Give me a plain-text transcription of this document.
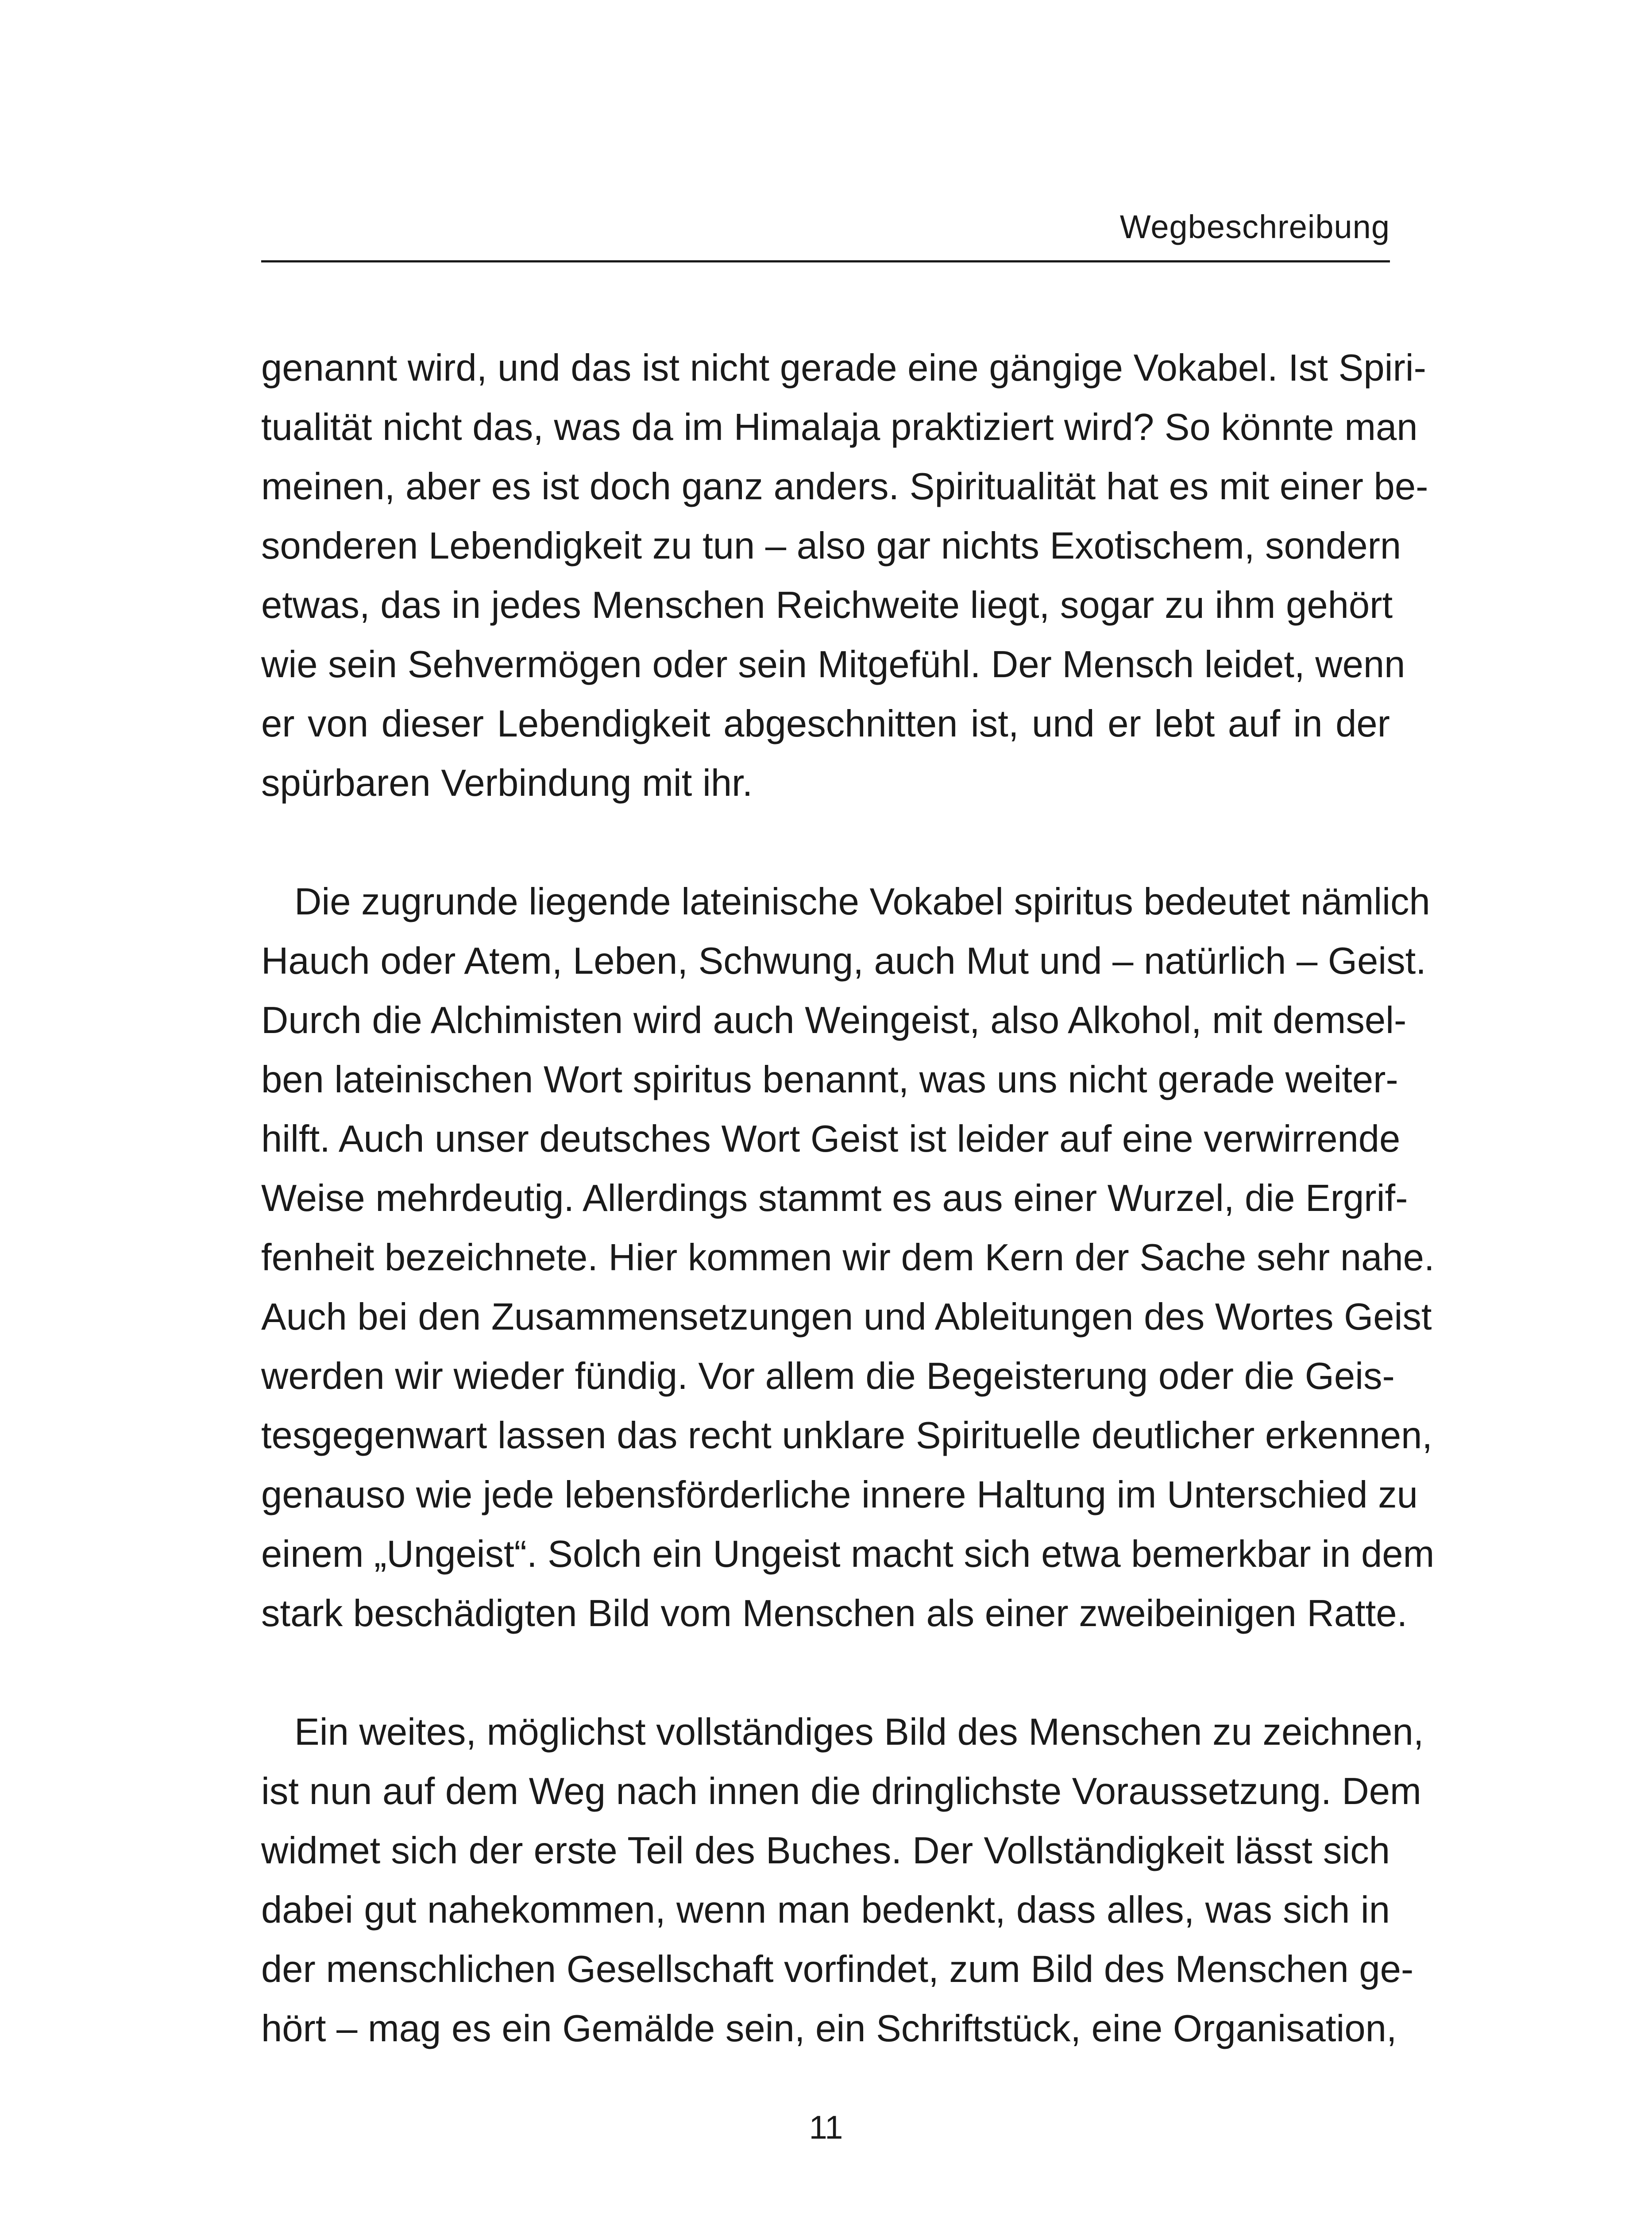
Wegbeschreibung
genannt wird, und das ist nicht gerade eine gängige Vokabel. Ist Spiri-
tualität nicht das, was da im Himalaja praktiziert wird? So könnte man
meinen, aber es ist doch ganz anders. Spiritualität hat es mit einer be-
sonderen Lebendigkeit zu tun – also gar nichts Exotischem, sondern
etwas, das in jedes Menschen Reichweite liegt, sogar zu ihm gehört
wie sein Sehvermögen oder sein Mitgefühl. Der Mensch leidet, wenn
er von dieser Lebendigkeit abgeschnitten ist, und er lebt auf in der
spürbaren Verbindung mit ihr.
Die zugrunde liegende lateinische Vokabel spiritus bedeutet nämlich
Hauch oder Atem, Leben, Schwung, auch Mut und – natürlich – Geist.
Durch die Alchimisten wird auch Weingeist, also Alkohol, mit demsel-
ben lateinischen Wort spiritus benannt, was uns nicht gerade weiter-
hilft. Auch unser deutsches Wort Geist ist leider auf eine verwirrende
Weise mehrdeutig. Allerdings stammt es aus einer Wurzel, die Ergrif-
fenheit bezeichnete. Hier kommen wir dem Kern der Sache sehr nahe.
Auch bei den Zusammensetzungen und Ableitungen des Wortes Geist
werden wir wieder fündig. Vor allem die Begeisterung oder die Geis-
tesgegenwart lassen das recht unklare Spirituelle deutlicher erkennen,
genauso wie jede lebensförderliche innere Haltung im Unterschied zu
einem „Ungeist“. Solch ein Ungeist macht sich etwa bemerkbar in dem
stark beschädigten Bild vom Menschen als einer zweibeinigen Ratte.
Ein weites, möglichst vollständiges Bild des Menschen zu zeichnen,
ist nun auf dem Weg nach innen die dringlichste Voraussetzung. Dem
widmet sich der erste Teil des Buches. Der Vollständigkeit lässt sich
dabei gut nahekommen, wenn man bedenkt, dass alles, was sich in
der menschlichen Gesellschaft vorfindet, zum Bild des Menschen ge-
hört – mag es ein Gemälde sein, ein Schriftstück, eine Organisation,
11
